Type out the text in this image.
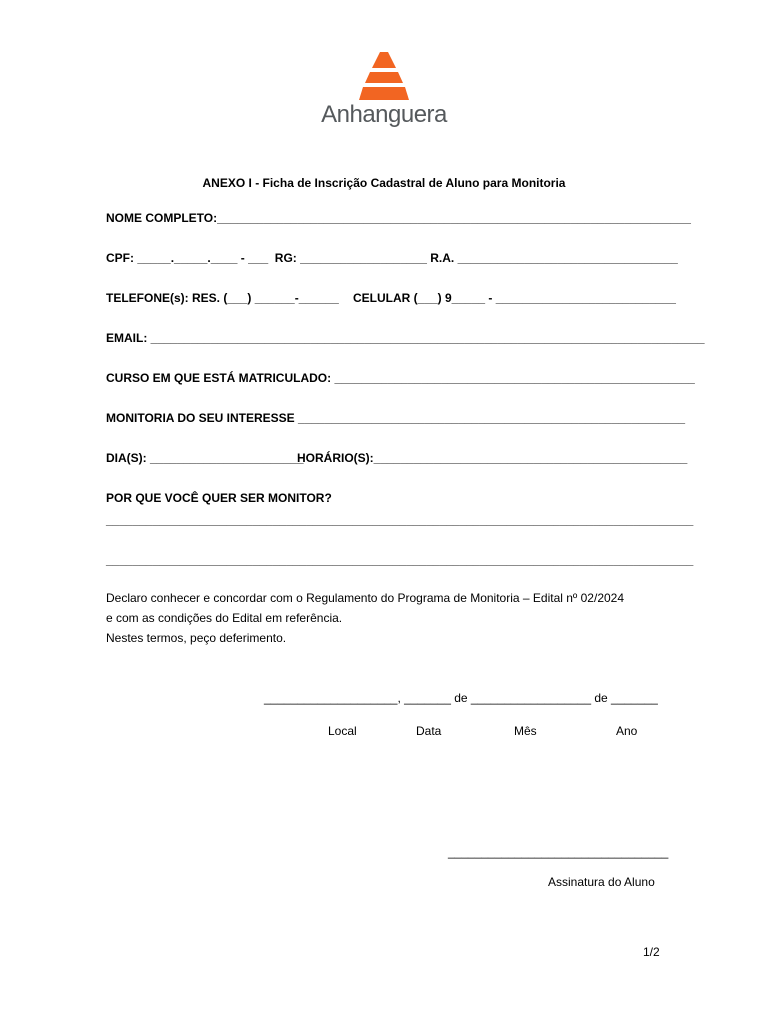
Anhanguera
ANEXO I - Ficha de Inscrição Cadastral de Aluno para Monitoria
NOME COMPLETO:_______________________________________________________________________
CPF: _____._____.____ - ___  RG: ___________________ R.A. _________________________________
TELEFONE(s): RES. (___) ______-______ CELULAR (___) 9_____ - ___________________________
EMAIL: ___________________________________________________________________________________
CURSO EM QUE ESTÁ MATRICULADO: ______________________________________________________
MONITORIA DO SEU INTERESSE __________________________________________________________
DIA(S): _______________________
HORÁRIO(S):_______________________________________________
POR QUE VOCÊ QUER SER MONITOR?
________________________________________________________________________________________
________________________________________________________________________________________
Declaro conhecer e concordar com o Regulamento do Programa de Monitoria – Edital nº 02/2024
e com as condições do Edital em referência.
Nestes termos, peço deferimento.
____________________, _______ de __________________ de _______
Local	Data	Mês	Ano
_________________________________
Assinatura do Aluno
1/2
